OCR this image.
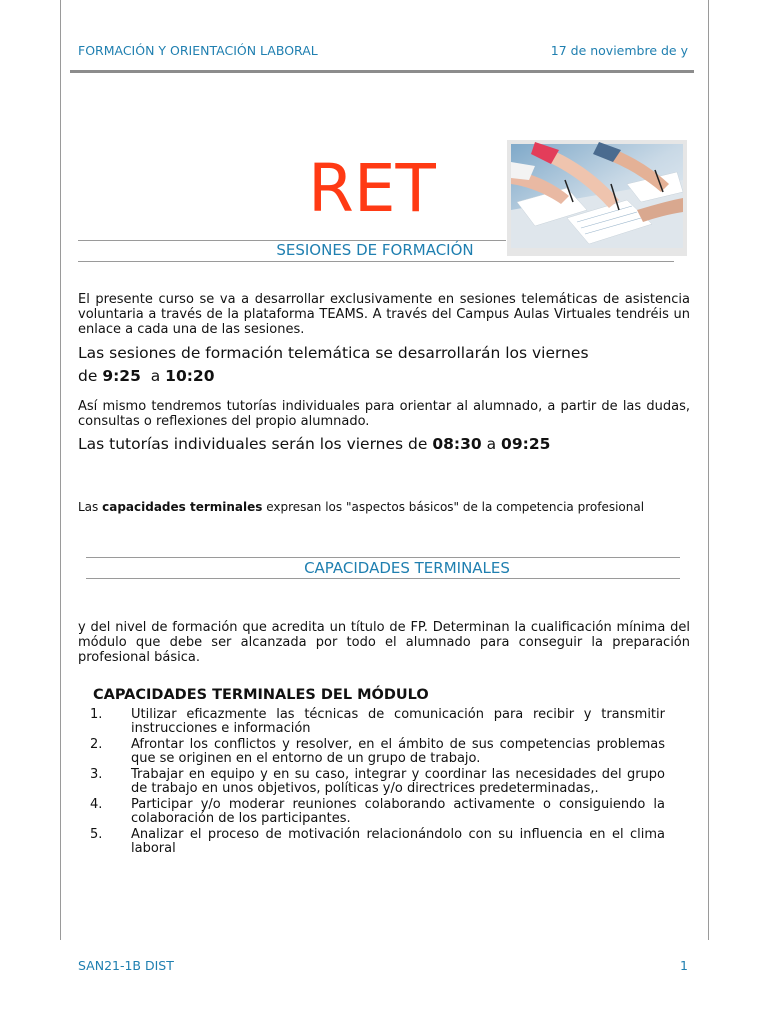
FORMACIÓN Y ORIENTACIÓN LABORAL	17 de noviembre de y
RET
SESIONES DE FORMACIÓN
El presente curso se va a desarrollar exclusivamente en sesiones telemáticas de asistencia voluntaria a través de la plataforma TEAMS. A través del Campus Aulas Virtuales tendréis un enlace a cada una de las sesiones.
Las sesiones de formación telemática se desarrollarán los viernes
de 9:25  a 10:20
Así mismo tendremos tutorías individuales para orientar al alumnado, a partir de las dudas, consultas o reflexiones del propio alumnado.
Las tutorías individuales serán los viernes de 08:30 a 09:25
Las capacidades terminales expresan los "aspectos básicos" de la competencia profesional
CAPACIDADES TERMINALES
y del nivel de formación que acredita un título de FP. Determinan la cualificación mínima del módulo que debe ser alcanzada por todo el alumnado para conseguir la preparación profesional básica.
CAPACIDADES TERMINALES DEL MÓDULO
1. Utilizar eficazmente las técnicas de comunicación para recibir y transmitir instrucciones e información
2. Afrontar los conflictos y resolver, en el ámbito de sus competencias problemas que se originen en el entorno de un grupo de trabajo.
3. Trabajar en equipo y en su caso, integrar y coordinar las necesidades del grupo de trabajo en unos objetivos, políticas y/o directrices predeterminadas,.
4. Participar y/o moderar reuniones colaborando activamente o consiguiendo la colaboración de los participantes.
5. Analizar el proceso de motivación relacionándolo con su influencia en el clima laboral
SAN21-1B DIST	1
